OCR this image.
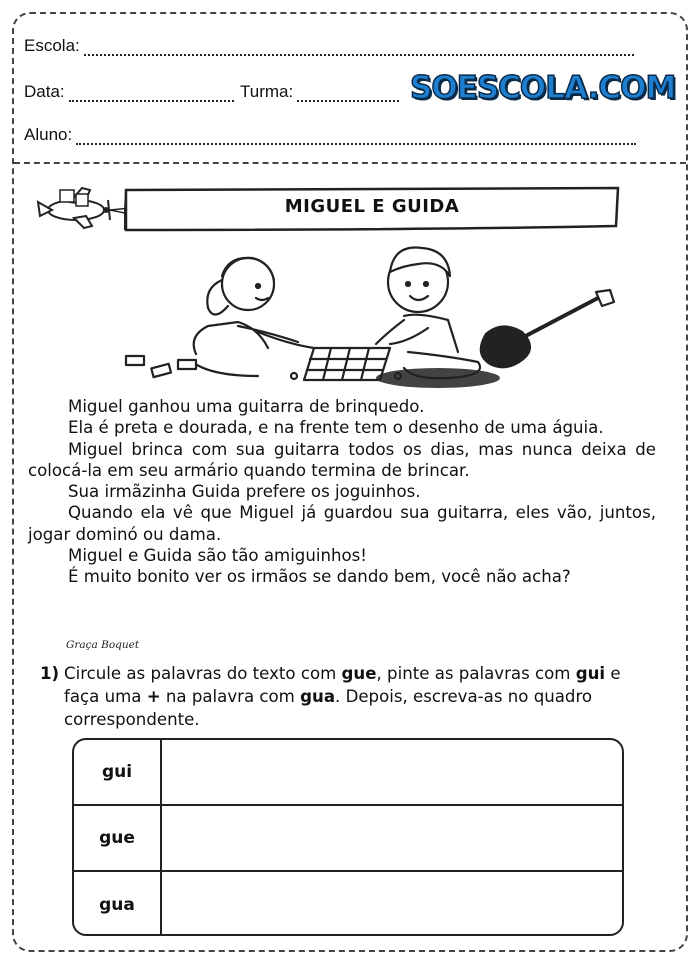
Escola:
Data:	Turma:
Aluno:
SOESCOLA.COM
MIGUEL E GUIDA

Miguel ganhou uma guitarra de brinquedo.

Ela é preta e dourada, e na frente tem o desenho de uma águia.

Miguel brinca com sua guitarra todos os dias, mas nunca deixa de colocá-la em seu armário quando termina de brincar.

Sua irmãzinha Guida prefere os joguinhos.

Quando ela vê que Miguel já guardou sua guitarra, eles vão, juntos, jogar dominó ou dama.

Miguel e Guida são tão amiguinhos!

É muito bonito ver os irmãos se dando bem, você não acha?

Graça Boquet
1) Circule as palavras do texto com gue, pinte as palavras com gui e faça uma + na palavra com gua. Depois, escreva-as no quadro correspondente.
gui
gue
gua
